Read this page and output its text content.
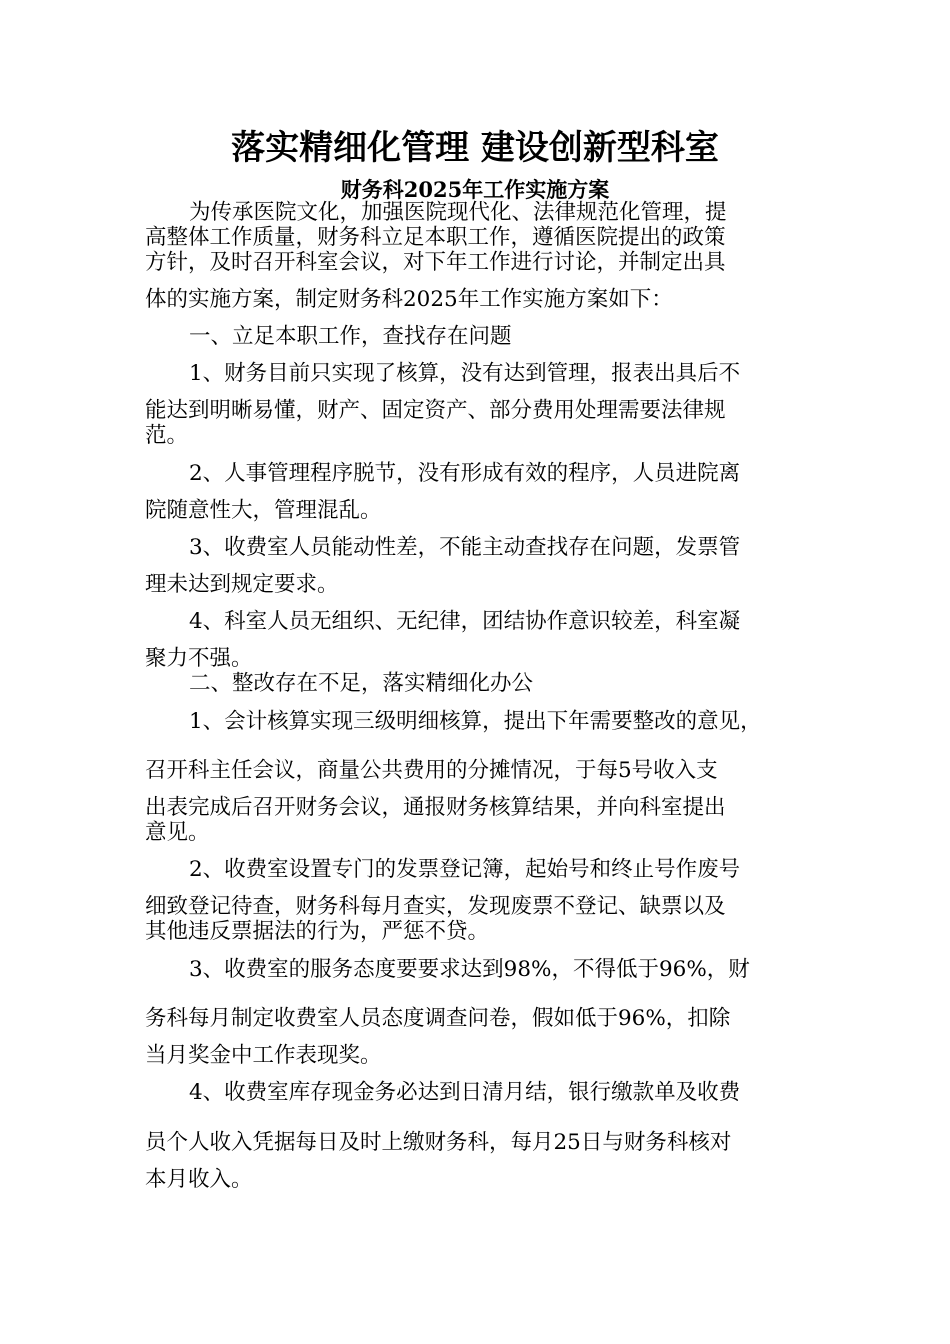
落实精细化管理 建设创新型科室
财务科2025年工作实施方案

为传承医院文化，加强医院现代化、法律规范化管理，提

高整体工作质量，财务科立足本职工作，遵循医院提出的政策

方针，及时召开科室会议，对下年工作进行讨论，并制定出具

体的实施方案，制定财务科2025年工作实施方案如下：

一、立足本职工作，查找存在问题

1、财务目前只实现了核算，没有达到管理，报表出具后不

能达到明晰易懂，财产、固定资产、部分费用处理需要法律规

范。

2、人事管理程序脱节，没有形成有效的程序，人员进院离

院随意性大，管理混乱。

3、收费室人员能动性差，不能主动查找存在问题，发票管

理未达到规定要求。

4、科室人员无组织、无纪律，团结协作意识较差，科室凝

聚力不强。

二、整改存在不足，落实精细化办公

1、会计核算实现三级明细核算，提出下年需要整改的意见，

召开科主任会议，商量公共费用的分摊情况，于每5号收入支

出表完成后召开财务会议，通报财务核算结果，并向科室提出

意见。

2、收费室设置专门的发票登记簿，起始号和终止号作废号

细致登记待查，财务科每月查实，发现废票不登记、缺票以及

其他违反票据法的行为，严惩不贷。

3、收费室的服务态度要要求达到98%，不得低于96%，财

务科每月制定收费室人员态度调查问卷，假如低于96%，扣除

当月奖金中工作表现奖。

4、收费室库存现金务必达到日清月结，银行缴款单及收费

员个人收入凭据每日及时上缴财务科，每月25日与财务科核对

本月收入。
